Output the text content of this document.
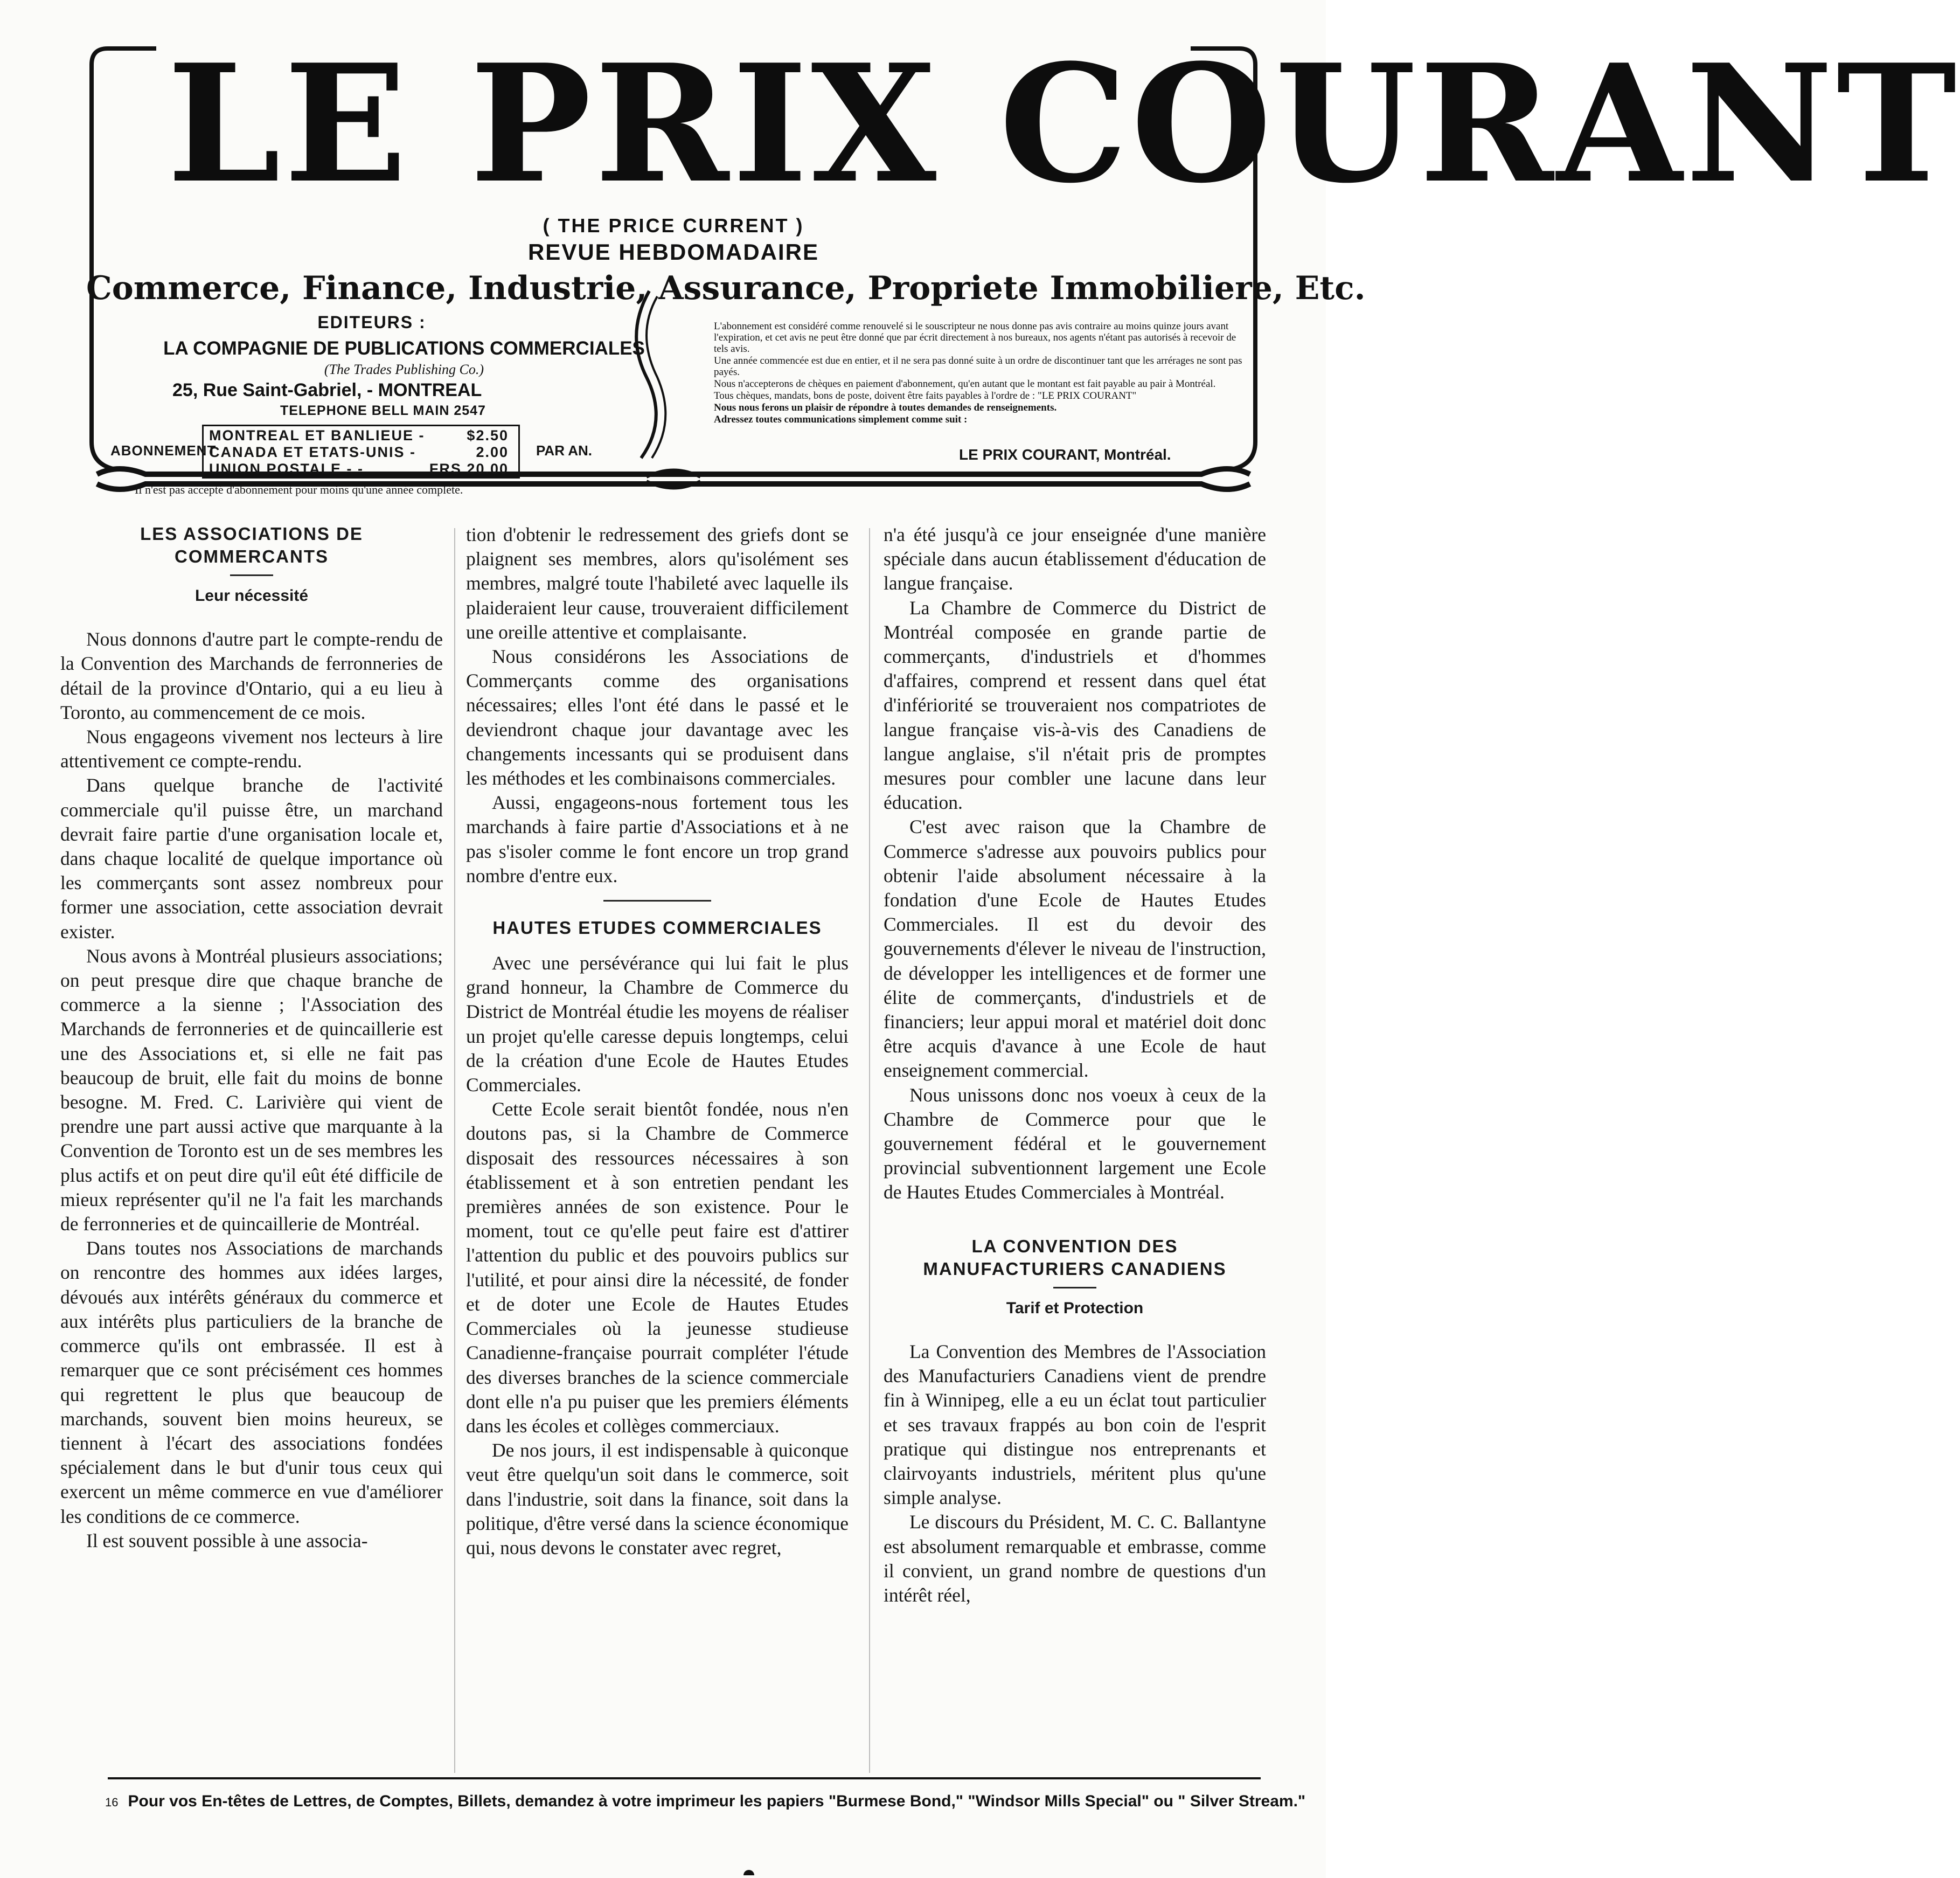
LE PRIX COURANT
( THE PRICE CURRENT )
REVUE HEBDOMADAIRE
Commerce, Finance, Industrie, Assurance, Propriete Immobiliere, Etc.
EDITEURS :
LA COMPAGNIE DE PUBLICATIONS COMMERCIALES
(The Trades Publishing Co.)
25, Rue Saint-Gabriel, - MONTREAL
TELEPHONE BELL MAIN 2547
ABONNEMENT
MONTREAL ET BANLIEUE -	$2.50
CANADA ET ETATS-UNIS -	2.00
UNION POSTALE - -	FRS 20.00
PAR AN.
Il n'est pas accepté d'abonnement pour moins qu'une année complète.

L'abonnement est considéré comme renouvelé si le souscripteur ne nous donne pas avis contraire au moins quinze jours avant l'expiration, et cet avis ne peut être donné que par écrit directement à nos bureaux, nos agents n'étant pas autorisés à recevoir de tels avis.

Une année commencée est due en entier, et il ne sera pas donné suite à un ordre de discontinuer tant que les arrérages ne sont pas payés.

Nous n'accepterons de chèques en paiement d'abonnement, qu'en autant que le montant est fait payable au pair à Montréal.

Tous chèques, mandats, bons de poste, doivent être faits payables à l'ordre de : "LE PRIX COURANT"

Nous nous ferons un plaisir de répondre à toutes demandes de renseignements.

Adressez toutes communications simplement comme suit :

LE PRIX COURANT, Montréal.
LES ASSOCIATIONS DE COMMERCANTS
Leur nécessité

Nous donnons d'autre part le compte-rendu de la Convention des Marchands de ferronneries de détail de la province d'Ontario, qui a eu lieu à Toronto, au commencement de ce mois.

Nous engageons vivement nos lecteurs à lire attentivement ce compte-rendu.

Dans quelque branche de l'activité commerciale qu'il puisse être, un marchand devrait faire partie d'une organisation locale et, dans chaque localité de quelque importance où les commerçants sont assez nombreux pour former une association, cette association devrait exister.

Nous avons à Montréal plusieurs associations; on peut presque dire que chaque branche de commerce a la sienne ; l'Association des Marchands de ferronneries et de quincaillerie est une des Associations et, si elle ne fait pas beaucoup de bruit, elle fait du moins de bonne besogne. M. Fred. C. Larivière qui vient de prendre une part aussi active que marquante à la Convention de Toronto est un de ses membres les plus actifs et on peut dire qu'il eût été difficile de mieux représenter qu'il ne l'a fait les marchands de ferronneries et de quincaillerie de Montréal.

Dans toutes nos Associations de marchands on rencontre des hommes aux idées larges, dévoués aux intérêts généraux du commerce et aux intérêts plus particuliers de la branche de commerce qu'ils ont embrassée. Il est à remarquer que ce sont précisément ces hommes qui regrettent le plus que beaucoup de marchands, souvent bien moins heureux, se tiennent à l'écart des associations fondées spécialement dans le but d'unir tous ceux qui exercent un même commerce en vue d'améliorer les conditions de ce commerce.

Il est souvent possible à une associa-

tion d'obtenir le redressement des griefs dont se plaignent ses membres, alors qu'isolément ses membres, malgré toute l'habileté avec laquelle ils plaideraient leur cause, trouveraient difficilement une oreille attentive et complaisante.

Nous considérons les Associations de Commerçants comme des organisations nécessaires; elles l'ont été dans le passé et le deviendront chaque jour davantage avec les changements incessants qui se produisent dans les méthodes et les combinaisons commerciales.

Aussi, engageons-nous fortement tous les marchands à faire partie d'Associations et à ne pas s'isoler comme le font encore un trop grand nombre d'entre eux.

HAUTES ETUDES COMMERCIALES

Avec une persévérance qui lui fait le plus grand honneur, la Chambre de Commerce du District de Montréal étudie les moyens de réaliser un projet qu'elle caresse depuis longtemps, celui de la création d'une Ecole de Hautes Etudes Commerciales.

Cette Ecole serait bientôt fondée, nous n'en doutons pas, si la Chambre de Commerce disposait des ressources nécessaires à son établissement et à son entretien pendant les premières années de son existence. Pour le moment, tout ce qu'elle peut faire est d'attirer l'attention du public et des pouvoirs publics sur l'utilité, et pour ainsi dire la nécessité, de fonder et de doter une Ecole de Hautes Etudes Commerciales où la jeunesse studieuse Canadienne-française pourrait compléter l'étude des diverses branches de la science commerciale dont elle n'a pu puiser que les premiers éléments dans les écoles et collèges commerciaux.

De nos jours, il est indispensable à quiconque veut être quelqu'un soit dans le commerce, soit dans l'industrie, soit dans la finance, soit dans la politique, d'être versé dans la science économique qui, nous devons le constater avec regret,

n'a été jusqu'à ce jour enseignée d'une manière spéciale dans aucun établissement d'éducation de langue française.

La Chambre de Commerce du District de Montréal composée en grande partie de commerçants, d'industriels et d'hommes d'affaires, comprend et ressent dans quel état d'infériorité se trouveraient nos compatriotes de langue française vis-à-vis des Canadiens de langue anglaise, s'il n'était pris de promptes mesures pour combler une lacune dans leur éducation.

C'est avec raison que la Chambre de Commerce s'adresse aux pouvoirs publics pour obtenir l'aide absolument nécessaire à la fondation d'une Ecole de Hautes Etudes Commerciales. Il est du devoir des gouvernements d'élever le niveau de l'instruction, de développer les intelligences et de former une élite de commerçants, d'industriels et de financiers; leur appui moral et matériel doit donc être acquis d'avance à une Ecole de haut enseignement commercial.

Nous unissons donc nos voeux à ceux de la Chambre de Commerce pour que le gouvernement fédéral et le gouvernement provincial subventionnent largement une Ecole de Hautes Etudes Commerciales à Montréal.

LA CONVENTION DES MANUFACTURIERS CANADIENS
Tarif et Protection

La Convention des Membres de l'Association des Manufacturiers Canadiens vient de prendre fin à Winnipeg, elle a eu un éclat tout particulier et ses travaux frappés au bon coin de l'esprit pratique qui distingue nos entreprenants et clairvoyants industriels, méritent plus qu'une simple analyse.

Le discours du Président, M. C. C. Ballantyne est absolument remarquable et embrasse, comme il convient, un grand nombre de questions d'un intérêt réel,

16 Pour vos En-têtes de Lettres, de Comptes, Billets, demandez à votre imprimeur les papiers "Burmese Bond," "Windsor Mills Special" ou " Silver Stream."
